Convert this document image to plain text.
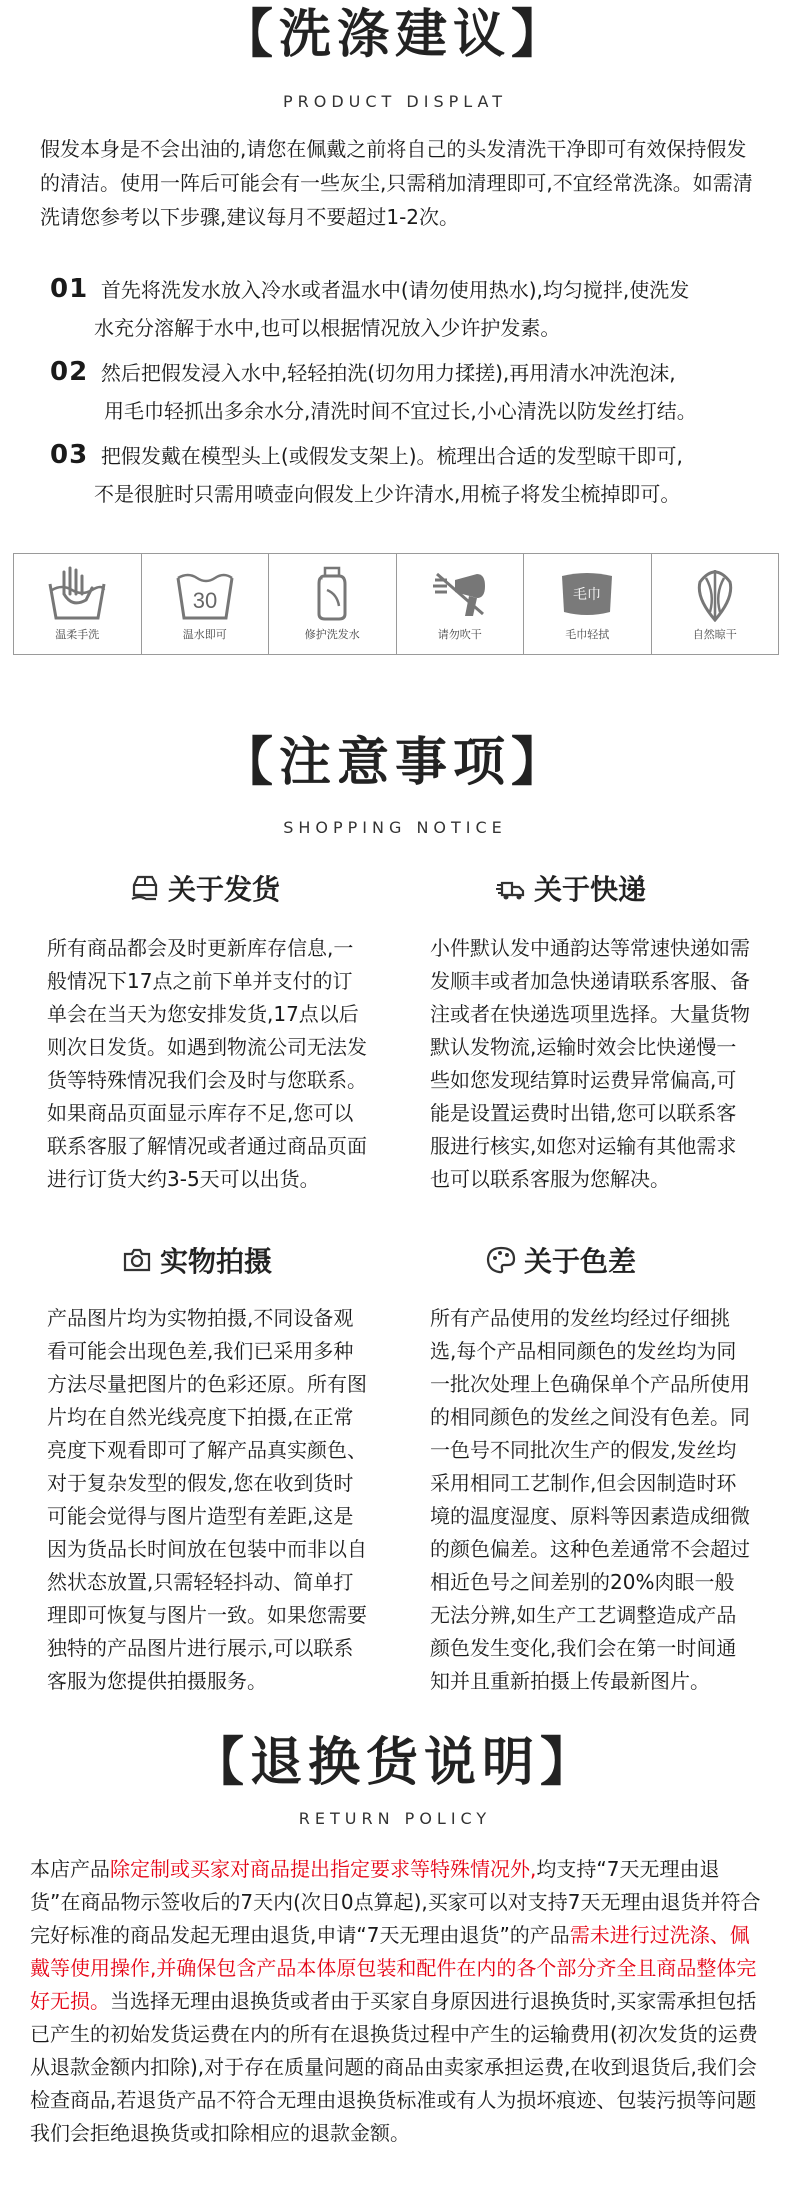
【洗涤建议】
PRODUCT DISPLAT
假发本身是不会出油的,请您在佩戴之前将自己的头发清洗干净即可有效保持假发的清洁。使用一阵后可能会有一些灰尘,只需稍加清理即可,不宜经常洗涤。如需清洗请您参考以下步骤,建议每月不要超过1-2次。
01 首先将洗发水放入冷水或者温水中(请勿使用热水),均匀搅拌,使洗发
水充分溶解于水中,也可以根据情况放入少许护发素。
02 然后把假发浸入水中,轻轻拍洗(切勿用力揉搓),再用清水冲洗泡沫,
用毛巾轻抓出多余水分,清洗时间不宜过长,小心清洗以防发丝打结。
03 把假发戴在模型头上(或假发支架上)。梳理出合适的发型晾干即可,
不是很脏时只需用喷壶向假发上少许清水,用梳子将发尘梳掉即可。
温柔手洗
30
温水即可	修护洗发水	请勿吹干
毛巾
毛巾轻拭	自然晾干
【注意事项】
SHOPPING NOTICE
关于发货
所有商品都会及时更新库存信息,一般情况下17点之前下单并支付的订单会在当天为您安排发货,17点以后则次日发货。如遇到物流公司无法发货等特殊情况我们会及时与您联系。如果商品页面显示库存不足,您可以联系客服了解情况或者通过商品页面进行订货大约3-5天可以出货。
关于快递
小件默认发中通韵达等常速快递如需发顺丰或者加急快递请联系客服、备注或者在快递选项里选择。大量货物默认发物流,运输时效会比快递慢一些如您发现结算时运费异常偏高,可能是设置运费时出错,您可以联系客服进行核实,如您对运输有其他需求也可以联系客服为您解决。
实物拍摄
产品图片均为实物拍摄,不同设备观看可能会出现色差,我们已采用多种方法尽量把图片的色彩还原。所有图片均在自然光线亮度下拍摄,在正常亮度下观看即可了解产品真实颜色、对于复杂发型的假发,您在收到货时可能会觉得与图片造型有差距,这是因为货品长时间放在包装中而非以自然状态放置,只需轻轻抖动、简单打理即可恢复与图片一致。如果您需要独特的产品图片进行展示,可以联系客服为您提供拍摄服务。
关于色差
所有产品使用的发丝均经过仔细挑选,每个产品相同颜色的发丝均为同一批次处理上色确保单个产品所使用的相同颜色的发丝之间没有色差。同一色号不同批次生产的假发,发丝均采用相同工艺制作,但会因制造时环境的温度湿度、原料等因素造成细微的颜色偏差。这种色差通常不会超过相近色号之间差别的20%肉眼一般无法分辨,如生产工艺调整造成产品颜色发生变化,我们会在第一时间通知并且重新拍摄上传最新图片。
【退换货说明】
RETURN POLICY
本店产品除定制或买家对商品提出指定要求等特殊情况外,均支持“7天无理由退货”在商品物示签收后的7天内(次日0点算起),买家可以对支持7天无理由退货并符合完好标准的商品发起无理由退货,申请“7天无理由退货”的产品需未进行过洗涤、佩戴等使用操作,并确保包含产品本体原包装和配件在内的各个部分齐全且商品整体完好无损。当选择无理由退换货或者由于买家自身原因进行退换货时,买家需承担包括已产生的初始发货运费在内的所有在退换货过程中产生的运输费用(初次发货的运费从退款金额内扣除),对于存在质量问题的商品由卖家承担运费,在收到退货后,我们会检查商品,若退货产品不符合无理由退换货标准或有人为损坏痕迹、包装污损等问题我们会拒绝退换货或扣除相应的退款金额。
